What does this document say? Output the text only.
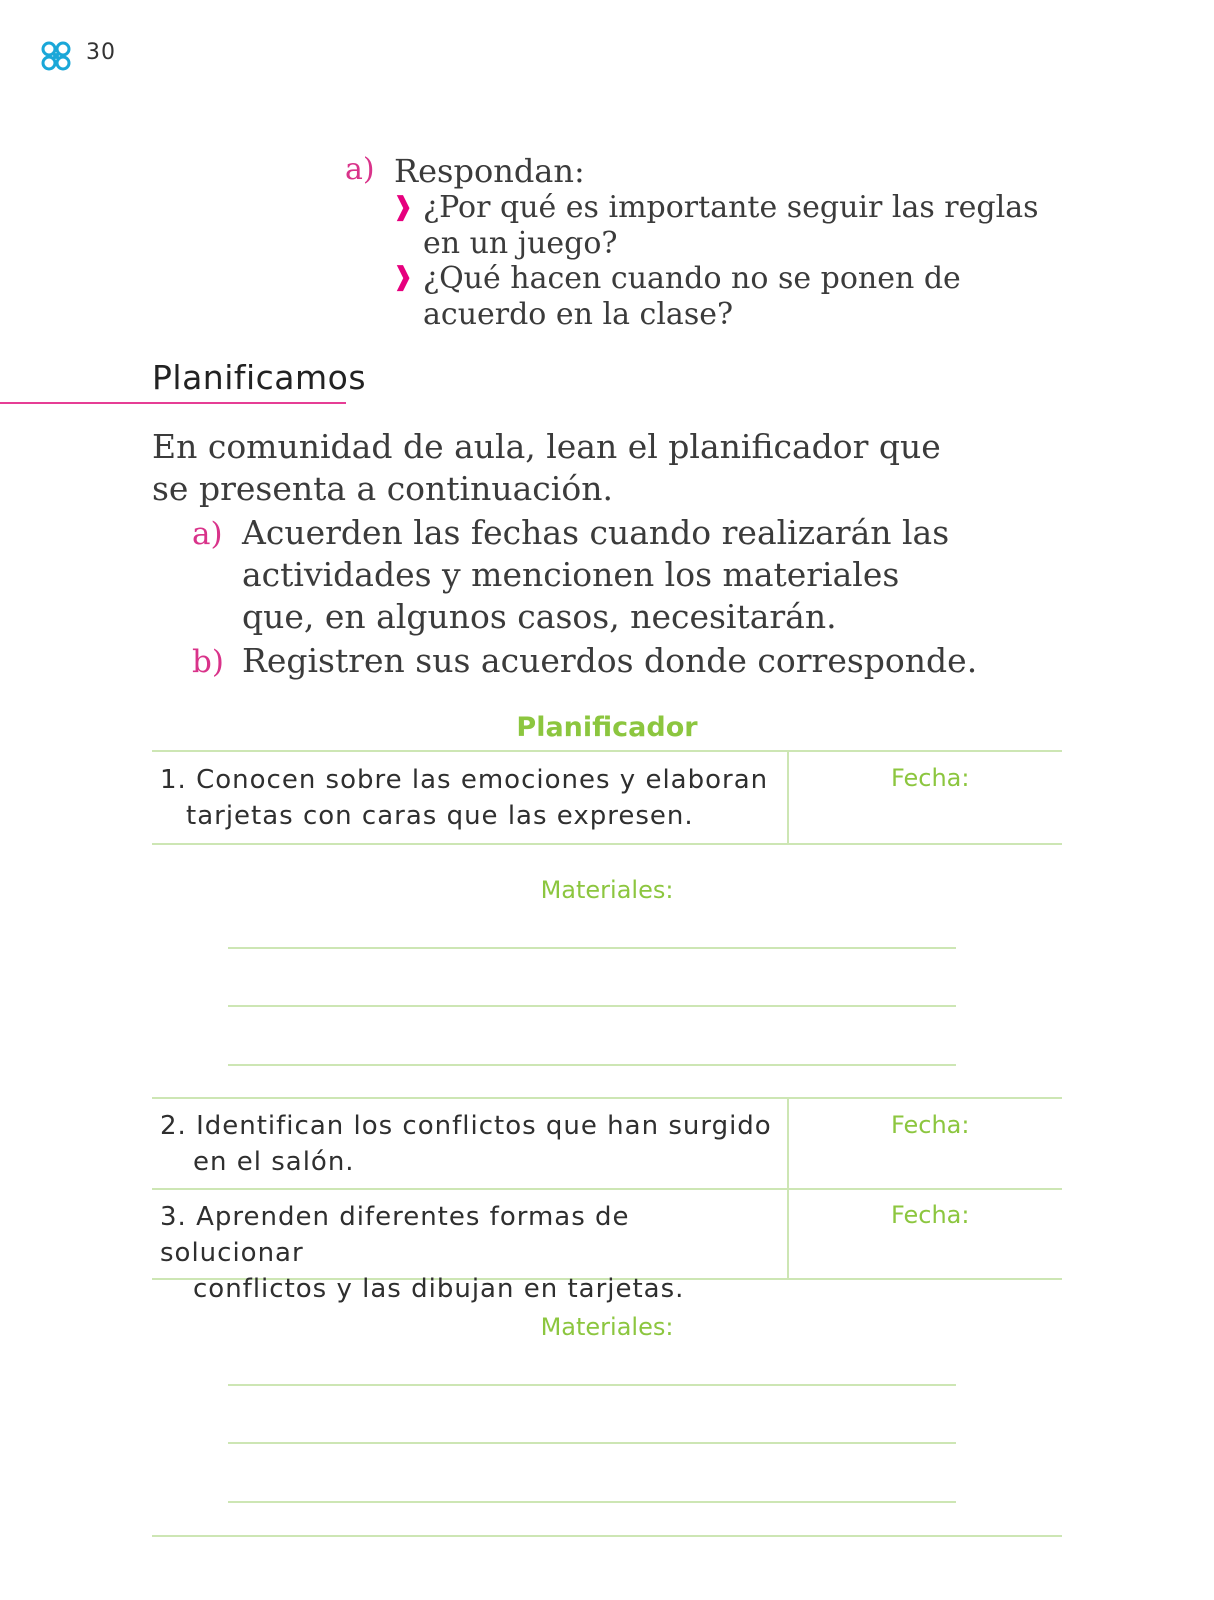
30
a) Respondan:
❱ ¿Por qué es importante seguir las reglas en un juego?
❱ ¿Qué hacen cuando no se ponen de acuerdo en la clase?
Planificamos
En comunidad de aula, lean el planificador que se presenta a continuación.
a) Acuerden las fechas cuando realizarán las actividades y mencionen los materiales que, en algunos casos, necesitarán.
b) Registren sus acuerdos donde corresponde.
Planificador
1. Conocen sobre las emociones y elaboran
tarjetas con caras que las expresen.
Fecha:
Materiales:
2. Identifican los conflictos que han surgido
en el salón.
Fecha:
3. Aprenden diferentes formas de solucionar
conflictos y las dibujan en tarjetas.
Fecha:
Materiales:
